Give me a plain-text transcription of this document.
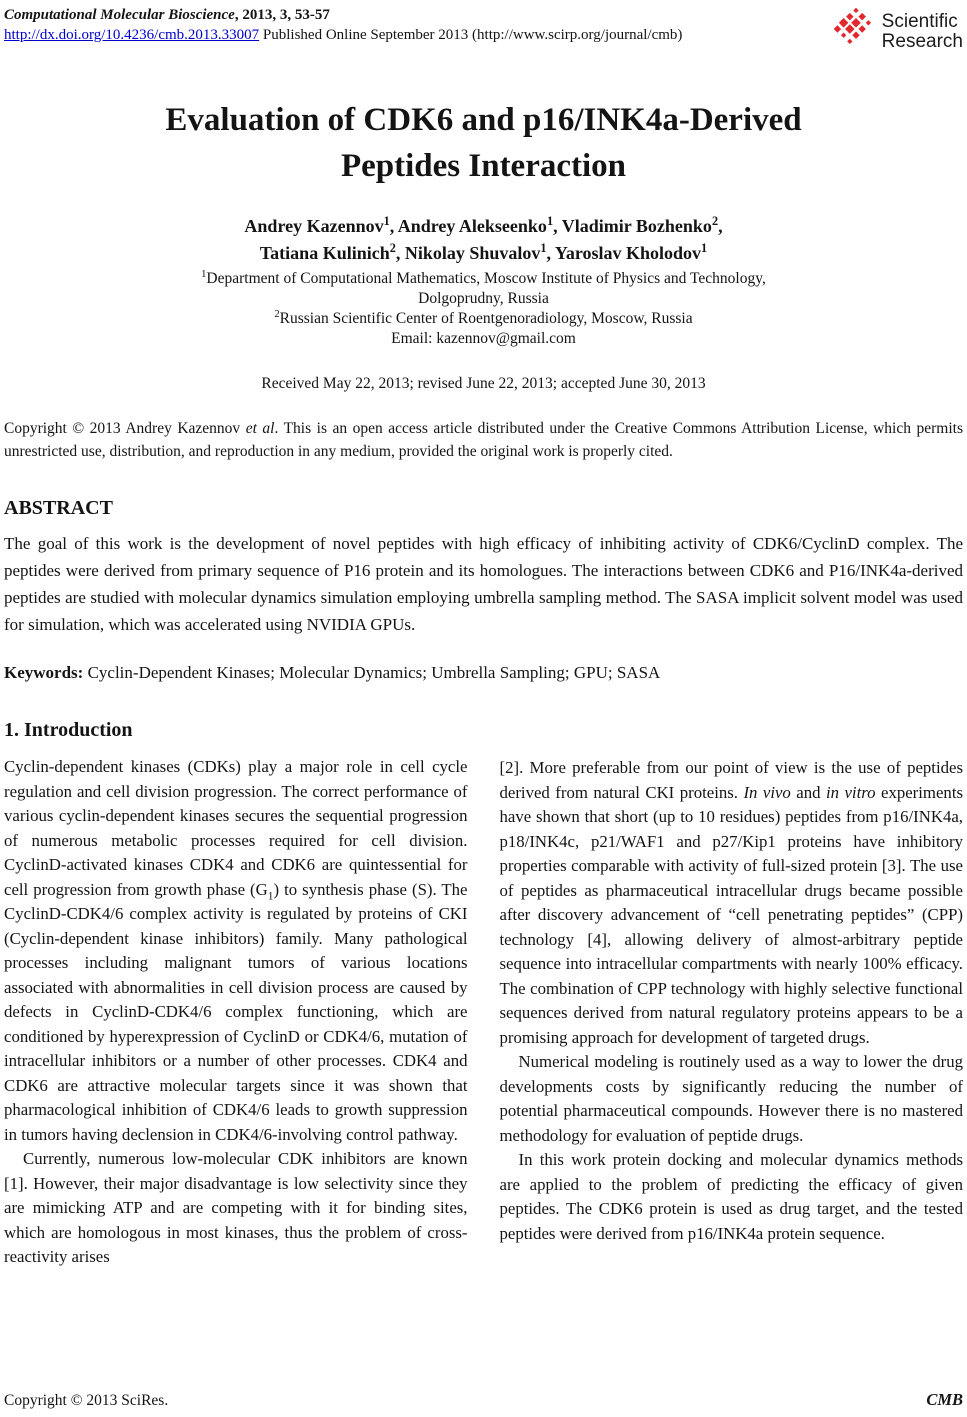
Computational Molecular Bioscience, 2013, 3, 53-57
http://dx.doi.org/10.4236/cmb.2013.33007 Published Online September 2013 (http://www.scirp.org/journal/cmb)
Scientific
Research
Evaluation of CDK6 and p16/INK4a-Derived
Peptides Interaction
Andrey Kazennov$^1$, Andrey Alekseenko$^1$, Vladimir Bozhenko$^2$,
Tatiana Kulinich$^2$, Nikolay Shuvalov$^1$, Yaroslav Kholodov$^1$
$^1$Department of Computational Mathematics, Moscow Institute of Physics and Technology,
Dolgoprudny, Russia
$^2$Russian Scientific Center of Roentgenoradiology, Moscow, Russia
Email: kazennov@gmail.com
Received May 22, 2013; revised June 22, 2013; accepted June 30, 2013
Copyright © 2013 Andrey Kazennov et al. This is an open access article distributed under the Creative Commons Attribution License, which permits unrestricted use, distribution, and reproduction in any medium, provided the original work is properly cited.
ABSTRACT
The goal of this work is the development of novel peptides with high efficacy of inhibiting activity of CDK6/CyclinD complex. The peptides were derived from primary sequence of P16 protein and its homologues. The interactions between CDK6 and P16/INK4a-derived peptides are studied with molecular dynamics simulation employing umbrella sampling method. The SASA implicit solvent model was used for simulation, which was accelerated using NVIDIA GPUs.
Keywords: Cyclin-Dependent Kinases; Molecular Dynamics; Umbrella Sampling; GPU; SASA
1. Introduction

Cyclin-dependent kinases (CDKs) play a major role in cell cycle regulation and cell division progression. The correct performance of various cyclin-dependent kinases secures the sequential progression of numerous metabolic processes required for cell division. CyclinD-activated kinases CDK4 and CDK6 are quintessential for cell progression from growth phase $(G_1)$ to synthesis phase (S). The CyclinD-CDK4/6 complex activity is regulated by proteins of CKI (Cyclin-dependent kinase inhibitors) family. Many pathological processes including malignant tumors of various locations associated with abnormalities in cell division process are caused by defects in CyclinD-CDK4/6 complex functioning, which are conditioned by hyperexpression of CyclinD or CDK4/6, mutation of intracellular inhibitors or a number of other processes. CDK4 and CDK6 are attractive molecular targets since it was shown that pharmacological inhibition of CDK4/6 leads to growth suppression in tumors having declension in CDK4/6-involving control pathway.

Currently, numerous low-molecular CDK inhibitors are known [1]. However, their major disadvantage is low selectivity since they are mimicking ATP and are competing with it for binding sites, which are homologous in most kinases, thus the problem of cross-reactivity arises

[2]. More preferable from our point of view is the use of peptides derived from natural CKI proteins. In vivo and in vitro experiments have shown that short (up to 10 residues) peptides from p16/INK4a, p18/INK4c, p21/WAF1 and p27/Kip1 proteins have inhibitory properties comparable with activity of full-sized protein [3]. The use of peptides as pharmaceutical intracellular drugs became possible after discovery advancement of “cell penetrating peptides” (CPP) technology [4], allowing delivery of almost-arbitrary peptide sequence into intracellular compartments with nearly 100% efficacy. The combination of CPP technology with highly selective functional sequences derived from natural regulatory proteins appears to be a promising approach for development of targeted drugs.

Numerical modeling is routinely used as a way to lower the drug developments costs by significantly reducing the number of potential pharmaceutical compounds. However there is no mastered methodology for evaluation of peptide drugs.

In this work protein docking and molecular dynamics methods are applied to the problem of predicting the efficacy of given peptides. The CDK6 protein is used as drug target, and the tested peptides were derived from p16/INK4a protein sequence.

Copyright © 2013 SciRes.	CMB
